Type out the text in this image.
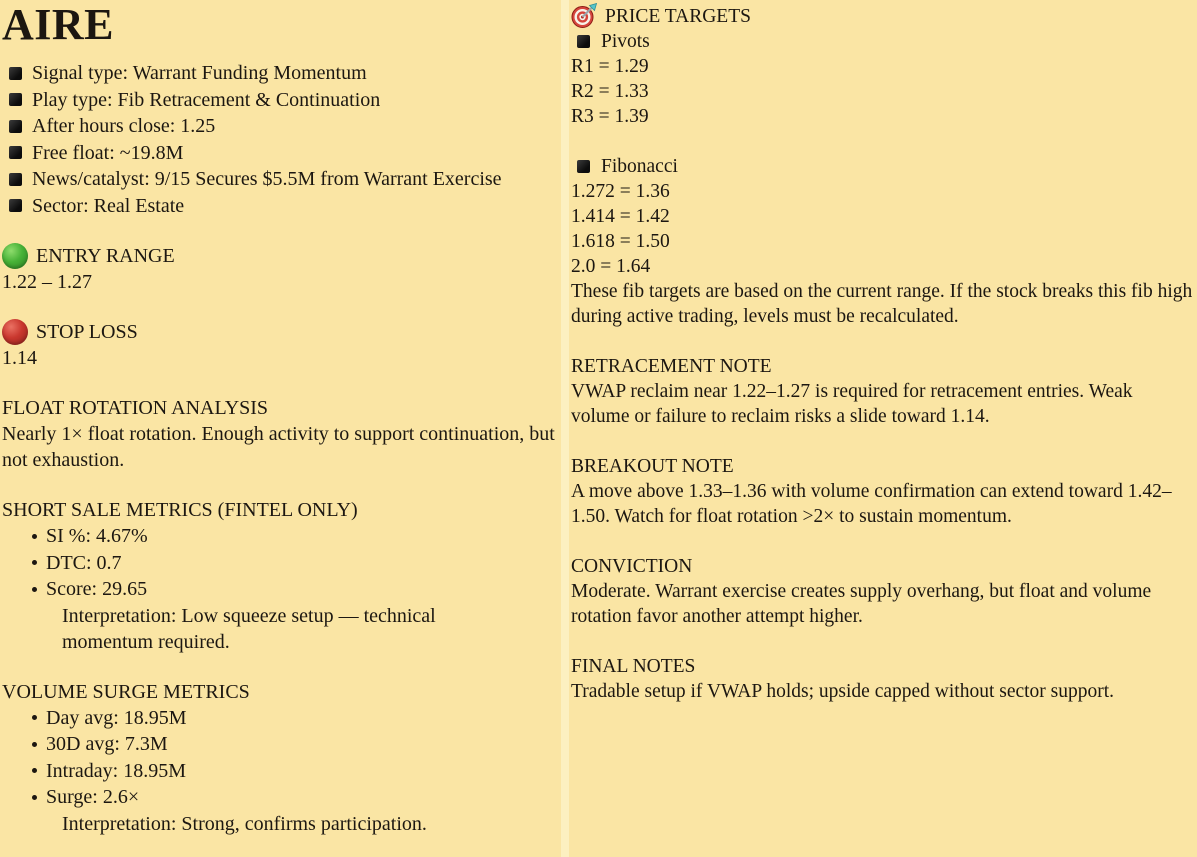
AIRE
Signal type: Warrant Funding Momentum
Play type: Fib Retracement & Continuation
After hours close: 1.25
Free float: ~19.8M
News/catalyst: 9/15 Secures $5.5M from Warrant Exercise
Sector: Real Estate
ENTRY RANGE
1.22 – 1.27
STOP LOSS
1.14
FLOAT ROTATION ANALYSIS

Nearly 1× float rotation. Enough activity to support continuation, but not exhaustion.

SHORT SALE METRICS (FINTEL ONLY)
SI %: 4.67%
DTC: 0.7
Score: 29.65
Interpretation: Low squeeze setup — technical momentum required.
VOLUME SURGE METRICS
Day avg: 18.95M
30D avg: 7.3M
Intraday: 18.95M
Surge: 2.6×
Interpretation: Strong, confirms participation.
PRICE TARGETS
Pivots
R1 = 1.29
R2 = 1.33
R3 = 1.39
Fibonacci
1.272 = 1.36
1.414 = 1.42
1.618 = 1.50
2.0 = 1.64

These fib targets are based on the current range. If the stock breaks this fib high during active trading, levels must be recalculated.

RETRACEMENT NOTE

VWAP reclaim near 1.22–1.27 is required for retracement entries. Weak volume or failure to reclaim risks a slide toward 1.14.

BREAKOUT NOTE

A move above 1.33–1.36 with volume confirmation can extend toward 1.42–1.50. Watch for float rotation >2× to sustain momentum.

CONVICTION

Moderate. Warrant exercise creates supply overhang, but float and volume rotation favor another attempt higher.

FINAL NOTES

Tradable setup if VWAP holds; upside capped without sector support.
